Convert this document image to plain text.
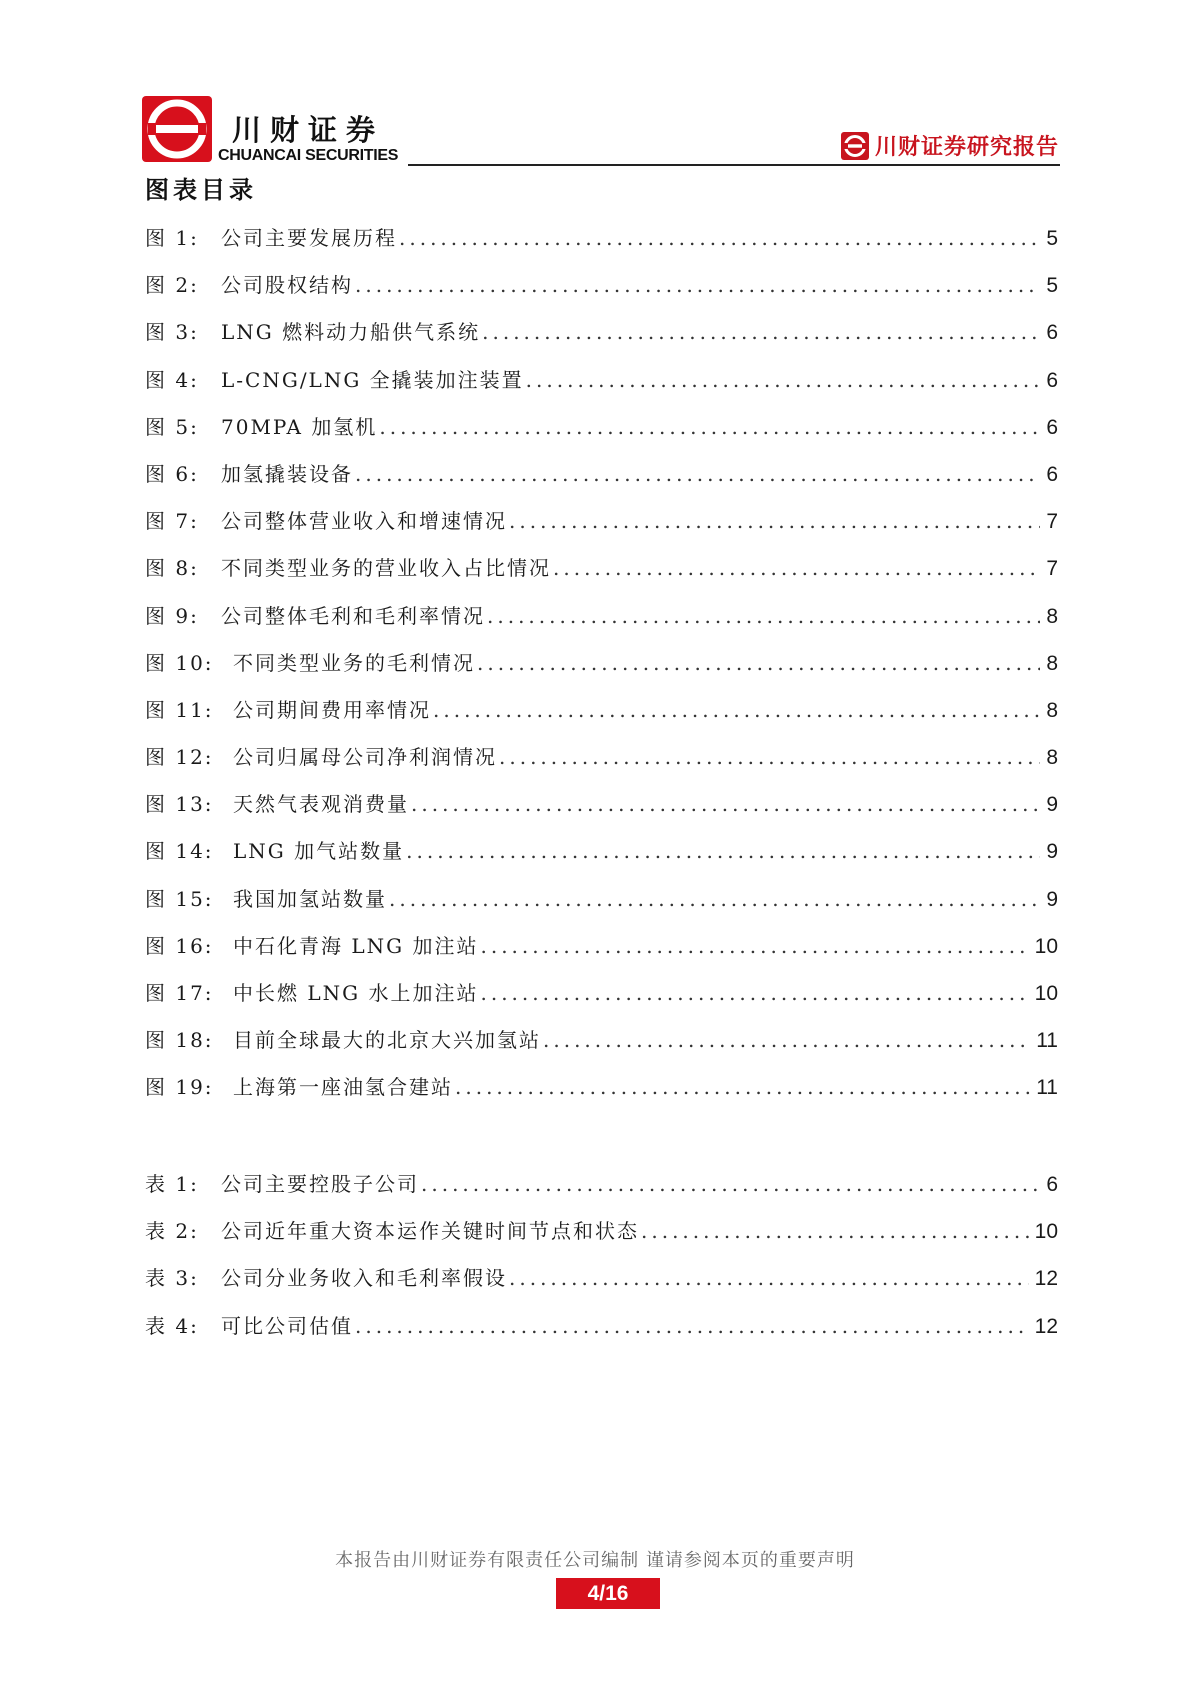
川财证券
CHUANCAI SECURITIES	川财证券研究报告
图表目录
图 1:	公司主要发展历程 .....	5
图 2:	公司股权结构 .....	5
图 3:	LNG 燃料动力船供气系统 .....	6
图 4:	L-CNG/LNG 全撬装加注装置 .....	6
图 5:	70MPA 加氢机 .....	6
图 6:	加氢撬装设备 .....	6
图 7:	公司整体营业收入和增速情况 .....	7
图 8:	不同类型业务的营业收入占比情况 .....	7
图 9:	公司整体毛利和毛利率情况 .....	8
图 10: 不同类型业务的毛利情况 .....	8
图 11: 公司期间费用率情况 .....	8
图 12: 公司归属母公司净利润情况 .....	8
图 13: 天然气表观消费量 .....	9
图 14: LNG 加气站数量 .....	9
图 15: 我国加氢站数量 .....	9
图 16: 中石化青海 LNG 加注站 .....	10
图 17: 中长燃 LNG 水上加注站 .....	10
图 18: 目前全球最大的北京大兴加氢站 .....	11
图 19: 上海第一座油氢合建站 .....	11
表 1:	公司主要控股子公司 .....	6
表 2:	公司近年重大资本运作关键时间节点和状态 .....	10
表 3:	公司分业务收入和毛利率假设 .....	12
表 4:	可比公司估值 .....	12
本报告由川财证券有限责任公司编制 谨请参阅本页的重要声明
4/16
